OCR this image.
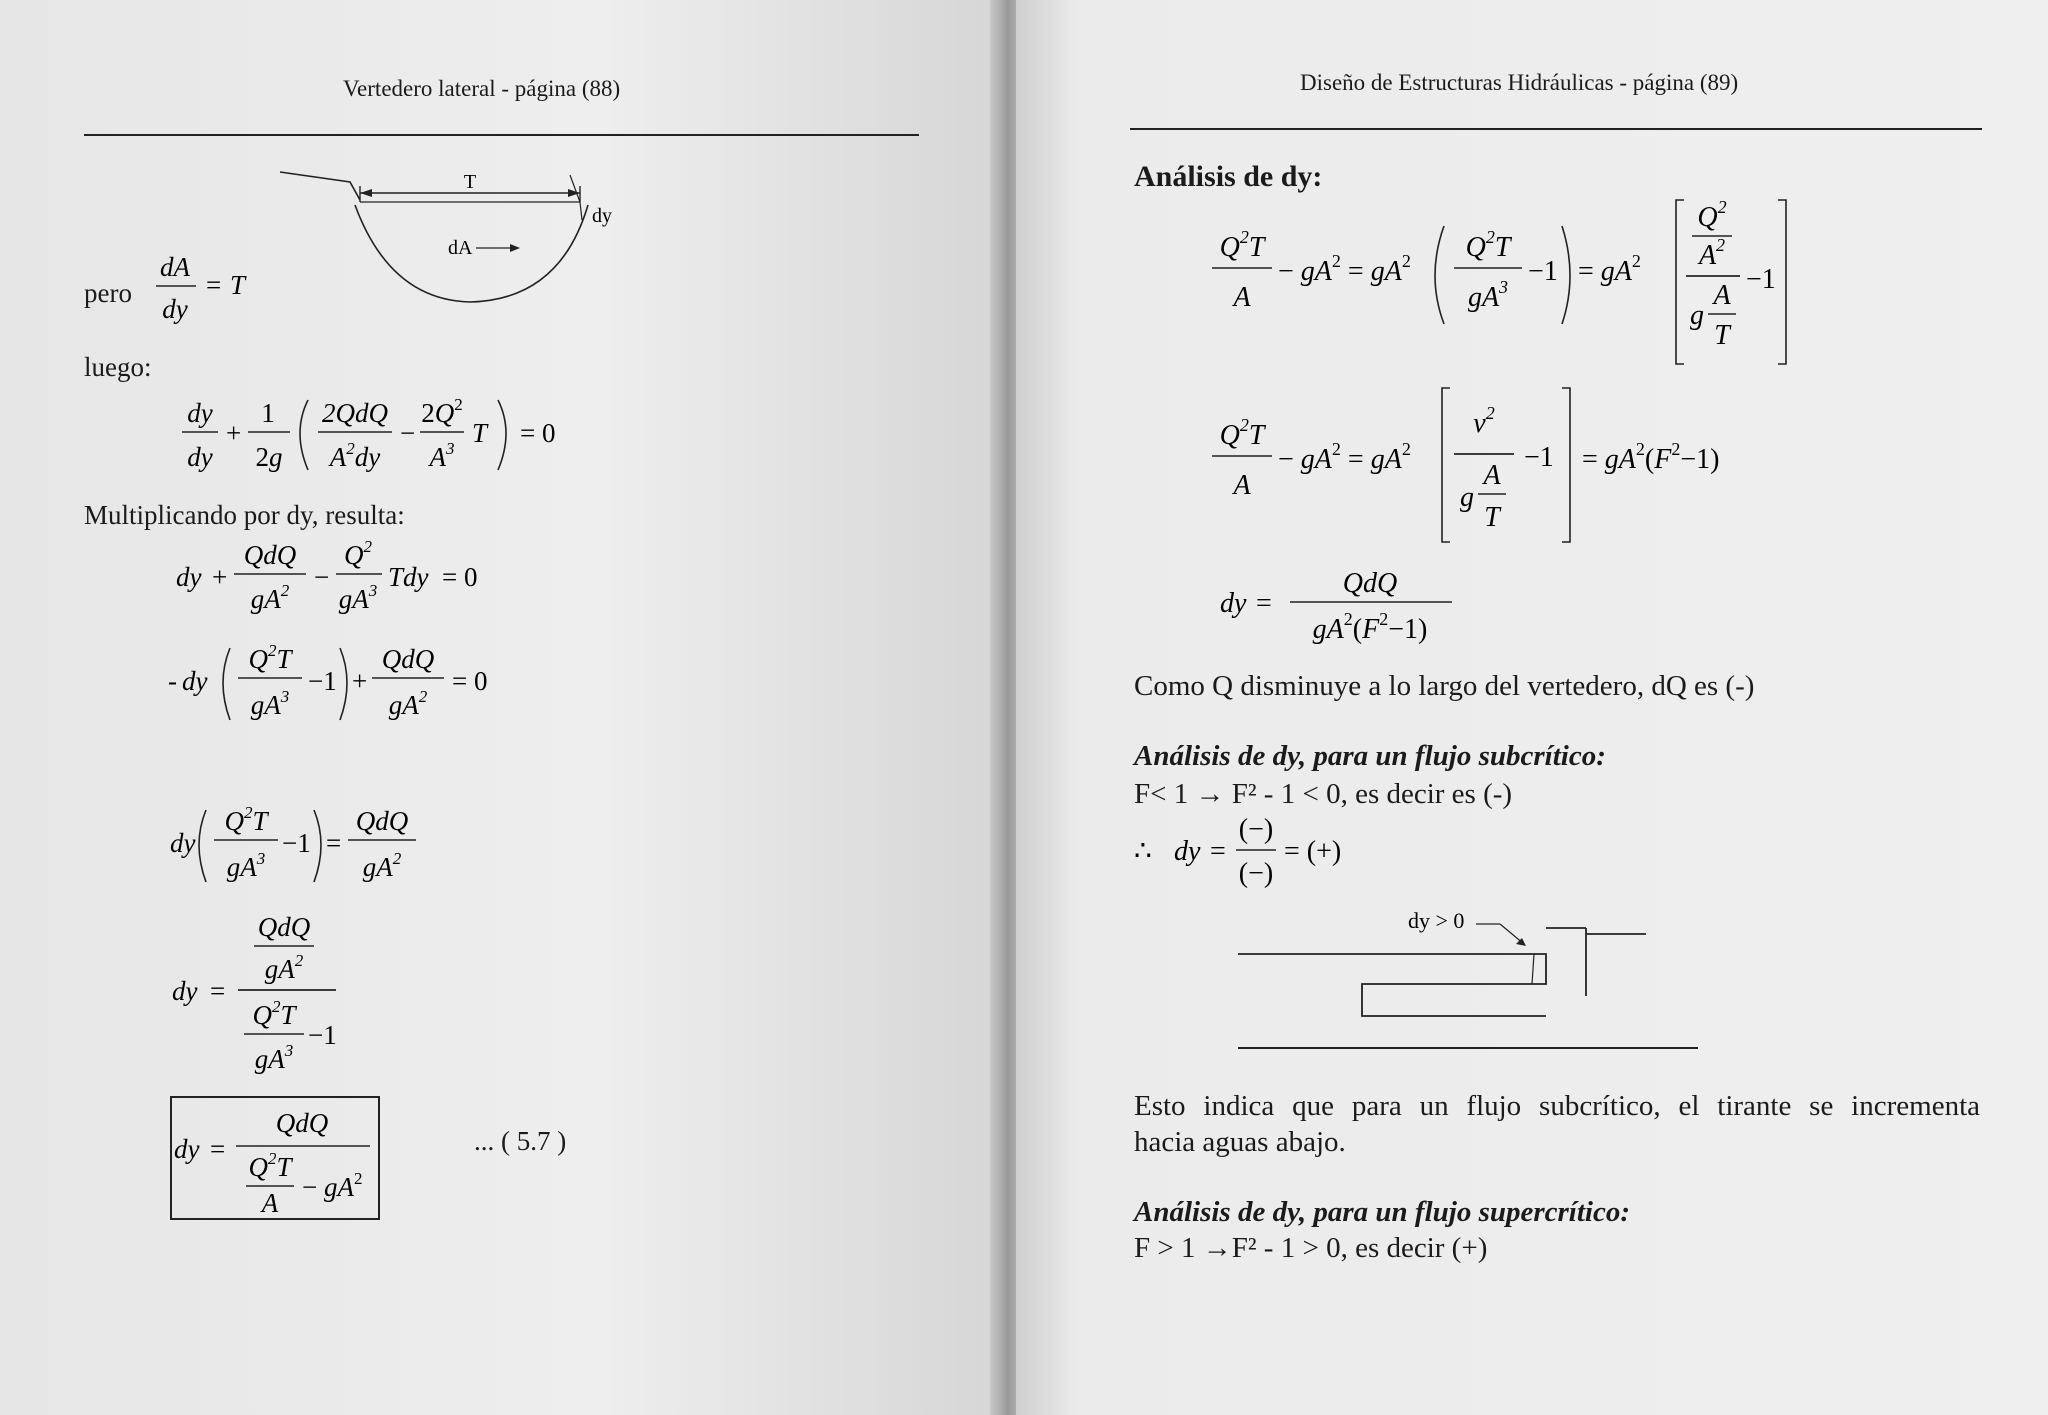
Vertedero lateral - página (88)
T
dy
dA
pero
dA
dy
= T
luego:
dy
dy
+
1
2g
2QdQ
$A^2dy$
−
$2Q^2$
$A^3$
T = 0
Multiplicando por dy, resulta:
dy +
QdQ
$gA^2$ −
$Q^2$
$gA^3$ Tdy = 0
- dy
$Q^2T$
$gA^3$
−1 +
QdQ
$gA^2$
= 0
dy
$Q^2T$
$gA^3$
−1 =
QdQ
$gA^2$
QdQ
$gA^2$
dy =
$Q^2T$
−1
$gA^3$
dy =
QdQ
$Q^2T$
A
− $gA^2$
... ( 5.7 )
Diseño de Estructuras Hidráulicas - página (89)
Análisis de dy:
$Q^2T$
A
− $gA^2 = gA^2$ $Q^2T$
$gA^3 -1 = gA^2$
$Q^2$
$A^2$
g
A
T
−1
$Q^2T$
A
− $gA^2 = gA^2$
$v^2$
g
A
T
$-1 = gA^2(F^2-1)$
dy =
QdQ
$gA^2(F^2-1)$
Como Q disminuye a lo largo del vertedero, dQ es (-)
Análisis de dy, para un flujo subcrítico:
F< 1 → F² - 1 < 0, es decir es (-)
∴ dy =
(−)
(−)
= (+)
dy > 0
Esto indica que para un flujo subcrítico, el tirante se incrementa
hacia aguas abajo.
Análisis de dy, para un flujo supercrítico:
F > 1 →F² - 1 > 0, es decir (+)
